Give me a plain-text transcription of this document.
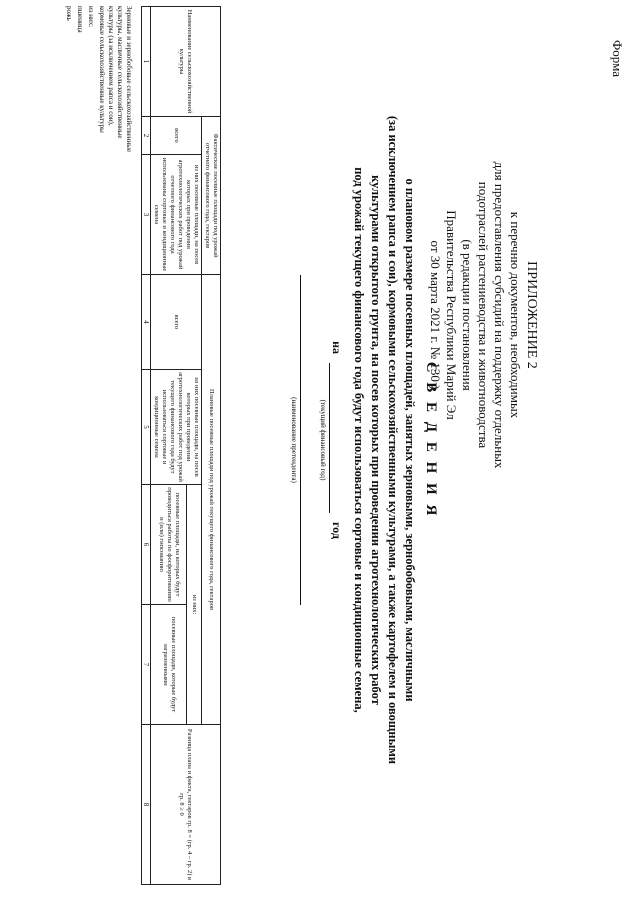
Форма
ПРИЛОЖЕНИЕ 2
к перечню документов, необходимых
для предоставления субсидий на поддержку отдельных
подотраслей растениеводства и животноводства
(в редакции постановления
Правительства Республики Марий Эл
от 30 марта 2021 г. № 130 )
С В Е Д Е Н И Я
о плановом размере посевных площадей, занятых зерновыми, зернобобовыми, масличными
(за исключением рапса и сои), кормовыми сельскохозяйственными культурами, а также картофелем и овощными
культурами открытого грунта, на посев которых при проведении агротехнологических работ
под урожай текущего финансового года будут использоваться сортовые и кондиционные семена,
на  год
(текущий финансовый год)
(наименование претендента)
Наименование сельскохозяйственной культуры	Фактические посевные площади под урожай отчетного финансового года, гектаров		Плановые посевные площади под урожай текущего финансового года, гектаров				Разница плана и факта, гектаров гр. 8 = (гр. 4 – гр. 2) в гр. 8 ≥ 0
	всего	из них посевные площади, на посев которых при проведении агротехнологических работ под урожай отчетного финансового года использованы сортовые и кондиционные семена	всего	из них посевные площади, на посев которых при проведении агротехнологических работ под урожай текущего финансового года будут использоваться сортовые и кондиционные семена	из них:		
					посевные площади, на которых будут проводиться работы по фосфоритованию и (или) гипсованию	посевные площади, которые будут загрязненными	
1	2	3	4	5	6	7	8
Зерновые и зернобобовые сельскохозяйственные культуры, масличные сельскохозяйственные культуры (за исключением рапса и сои), кормовые сельскохозяйственные культуры
из них:
пшеница
рожь
